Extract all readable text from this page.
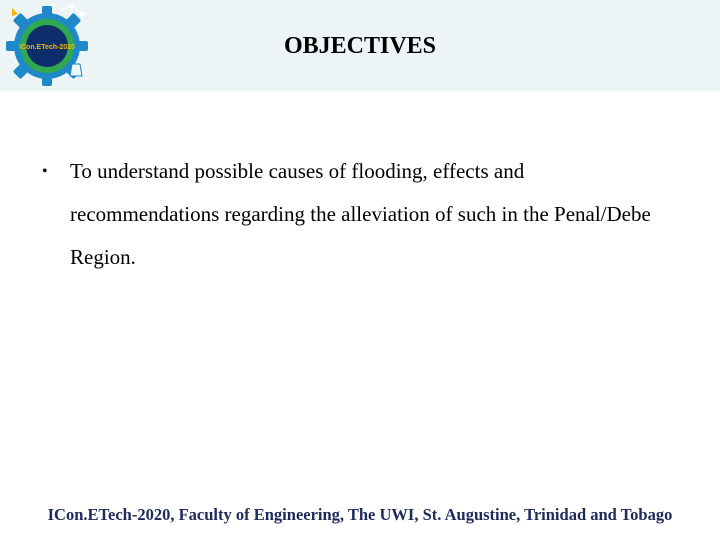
ICon.ETech-2020	OBJECTIVES
• To understand possible causes of flooding, effects and recommendations regarding the alleviation of such in the Penal/Debe Region.
ICon.ETech-2020, Faculty of Engineering, The UWI, St. Augustine, Trinidad and Tobago
